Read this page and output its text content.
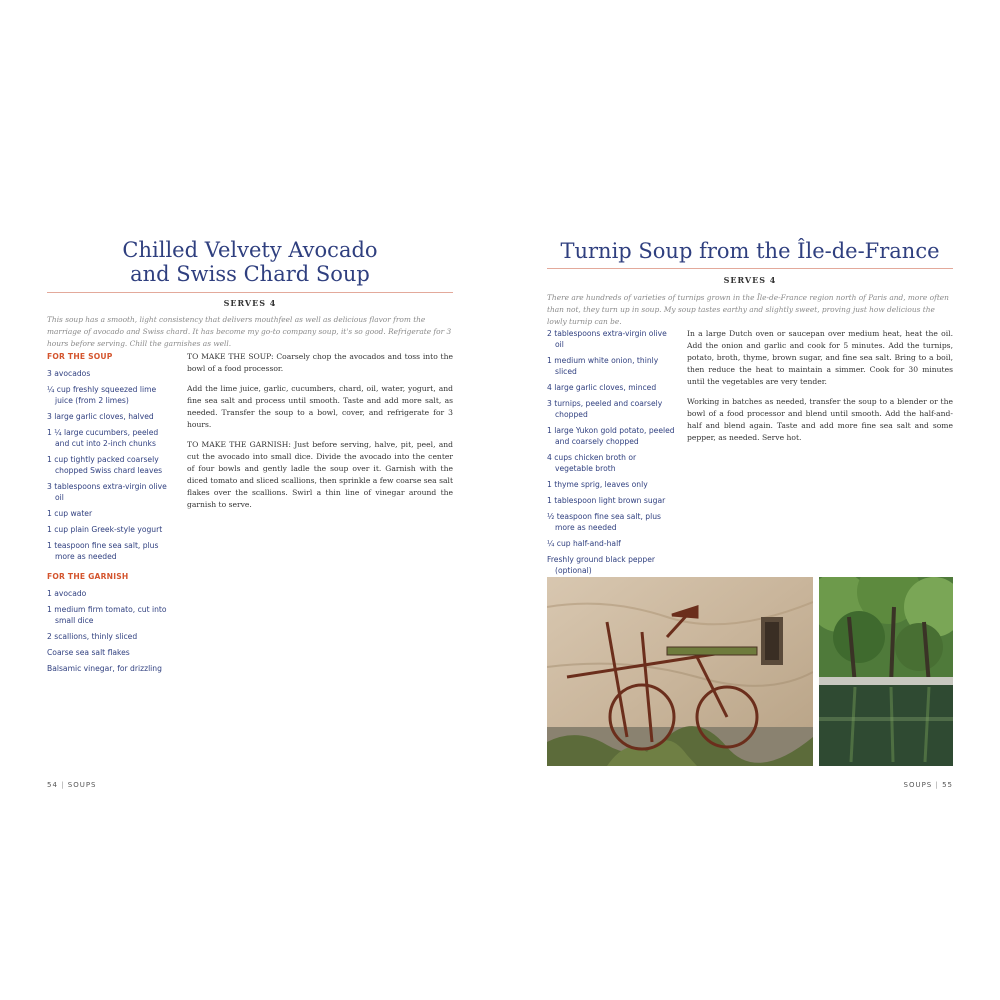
Chilled Velvety Avocado
and Swiss Chard Soup
SERVES 4
This soup has a smooth, light consistency that delivers mouthfeel as well as delicious flavor from the marriage of avocado and Swiss chard. It has become my go-to company soup, it's so good. Refrigerate for 3 hours before serving. Chill the garnishes as well.
FOR THE SOUP
3 avocados
¼ cup freshly squeezed lime juice (from 2 limes)
3 large garlic cloves, halved
1 ¼ large cucumbers, peeled and cut into 2-inch chunks
1 cup tightly packed coarsely chopped Swiss chard leaves
3 tablespoons extra-virgin olive oil
1 cup water
1 cup plain Greek-style yogurt
1 teaspoon fine sea salt, plus more as needed
FOR THE GARNISH
1 avocado
1 medium firm tomato, cut into small dice
2 scallions, thinly sliced
Coarse sea salt flakes
Balsamic vinegar, for drizzling

TO MAKE THE SOUP: Coarsely chop the avocados and toss into the bowl of a food processor.

Add the lime juice, garlic, cucumbers, chard, oil, water, yogurt, and fine sea salt and process until smooth. Taste and add more salt, as needed. Transfer the soup to a bowl, cover, and refrigerate for 3 hours.

TO MAKE THE GARNISH: Just before serving, halve, pit, peel, and cut the avocado into small dice. Divide the avocado into the center of four bowls and gently ladle the soup over it. Garnish with the diced tomato and sliced scallions, then sprinkle a few coarse sea salt flakes over the scallions. Swirl a thin line of vinegar around the garnish to serve.

54 | SOUPS
Turnip Soup from the Île-de-France
SERVES 4
There are hundreds of varieties of turnips grown in the Île-de-France region north of Paris and, more often than not, they turn up in soup. My soup tastes earthy and slightly sweet, proving just how delicious the lowly turnip can be.
2 tablespoons extra-virgin olive oil
1 medium white onion, thinly sliced
4 large garlic cloves, minced
3 turnips, peeled and coarsely chopped
1 large Yukon gold potato, peeled and coarsely chopped
4 cups chicken broth or vegetable broth
1 thyme sprig, leaves only
1 tablespoon light brown sugar
½ teaspoon fine sea salt, plus more as needed
¼ cup half-and-half
Freshly ground black pepper (optional)

In a large Dutch oven or saucepan over medium heat, heat the oil. Add the onion and garlic and cook for 5 minutes. Add the turnips, potato, broth, thyme, brown sugar, and fine sea salt. Bring to a boil, then reduce the heat to maintain a simmer. Cook for 30 minutes until the vegetables are very tender.

Working in batches as needed, transfer the soup to a blender or the bowl of a food processor and blend until smooth. Add the half-and-half and blend again. Taste and add more fine sea salt and some pepper, as needed. Serve hot.

SOUPS | 55
